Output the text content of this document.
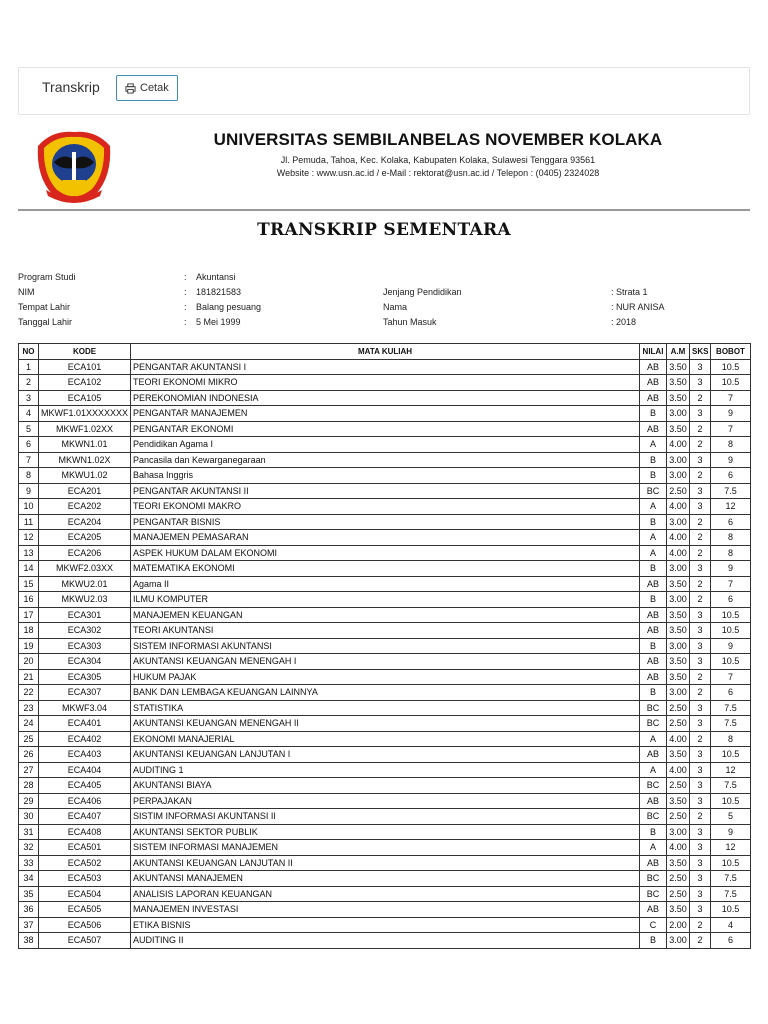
Transkrip	Cetak
UNIVERSITAS SEMBILANBELAS NOVEMBER KOLAKA
Jl. Pemuda, Tahoa, Kec. Kolaka, Kabupaten Kolaka, Sulawesi Tenggara 93561
Website : www.usn.ac.id / e-Mail : rektorat@usn.ac.id / Telepon : (0405) 2324028
TRANSKRIP SEMENTARA
Program Studi	: Akuntansi
NIM	: 181821583
Tempat Lahir	: Balang pesuang
Tanggal Lahir	: 5 Mei 1999
Jenjang Pendidikan	: Strata 1
Nama	: NUR ANISA
Tahun Masuk	: 2018
NO	KODE	MATA KULIAH	NILAI	A.M	SKS	BOBOT
1	ECA101	PENGANTAR AKUNTANSI I	AB	3.50	3	10.5
2	ECA102	TEORI EKONOMI MIKRO	AB	3.50	3	10.5
3	ECA105	PEREKONOMIAN INDONESIA	AB	3.50	2	7
4	MKWF1.01XXXXXXX	PENGANTAR MANAJEMEN	B	3.00	3	9
5	MKWF1.02XX	PENGANTAR EKONOMI	AB	3.50	2	7
6	MKWN1.01	Pendidikan Agama I	A	4.00	2	8
7	MKWN1.02X	Pancasila dan Kewarganegaraan	B	3.00	3	9
8	MKWU1.02	Bahasa Inggris	B	3.00	2	6
9	ECA201	PENGANTAR AKUNTANSI II	BC	2.50	3	7.5
10	ECA202	TEORI EKONOMI MAKRO	A	4.00	3	12
11	ECA204	PENGANTAR BISNIS	B	3.00	2	6
12	ECA205	MANAJEMEN PEMASARAN	A	4.00	2	8
13	ECA206	ASPEK HUKUM DALAM EKONOMI	A	4.00	2	8
14	MKWF2.03XX	MATEMATIKA EKONOMI	B	3.00	3	9
15	MKWU2.01	Agama II	AB	3.50	2	7
16	MKWU2.03	ILMU KOMPUTER	B	3.00	2	6
17	ECA301	MANAJEMEN KEUANGAN	AB	3.50	3	10.5
18	ECA302	TEORI AKUNTANSI	AB	3.50	3	10.5
19	ECA303	SISTEM INFORMASI AKUNTANSI	B	3.00	3	9
20	ECA304	AKUNTANSI KEUANGAN MENENGAH I	AB	3.50	3	10.5
21	ECA305	HUKUM PAJAK	AB	3.50	2	7
22	ECA307	BANK DAN LEMBAGA KEUANGAN LAINNYA	B	3.00	2	6
23	MKWF3.04	STATISTIKA	BC	2.50	3	7.5
24	ECA401	AKUNTANSI KEUANGAN MENENGAH II	BC	2.50	3	7.5
25	ECA402	EKONOMI MANAJERIAL	A	4.00	2	8
26	ECA403	AKUNTANSI KEUANGAN LANJUTAN I	AB	3.50	3	10.5
27	ECA404	AUDITING 1	A	4.00	3	12
28	ECA405	AKUNTANSI BIAYA	BC	2.50	3	7.5
29	ECA406	PERPAJAKAN	AB	3.50	3	10.5
30	ECA407	SISTIM INFORMASI AKUNTANSI II	BC	2.50	2	5
31	ECA408	AKUNTANSI SEKTOR PUBLIK	B	3.00	3	9
32	ECA501	SISTEM INFORMASI MANAJEMEN	A	4.00	3	12
33	ECA502	AKUNTANSI KEUANGAN LANJUTAN II	AB	3.50	3	10.5
34	ECA503	AKUNTANSI MANAJEMEN	BC	2.50	3	7.5
35	ECA504	ANALISIS LAPORAN KEUANGAN	BC	2.50	3	7.5
36	ECA505	MANAJEMEN INVESTASI	AB	3.50	3	10.5
37	ECA506	ETIKA BISNIS	C	2.00	2	4
38	ECA507	AUDITING II	B	3.00	2	6
